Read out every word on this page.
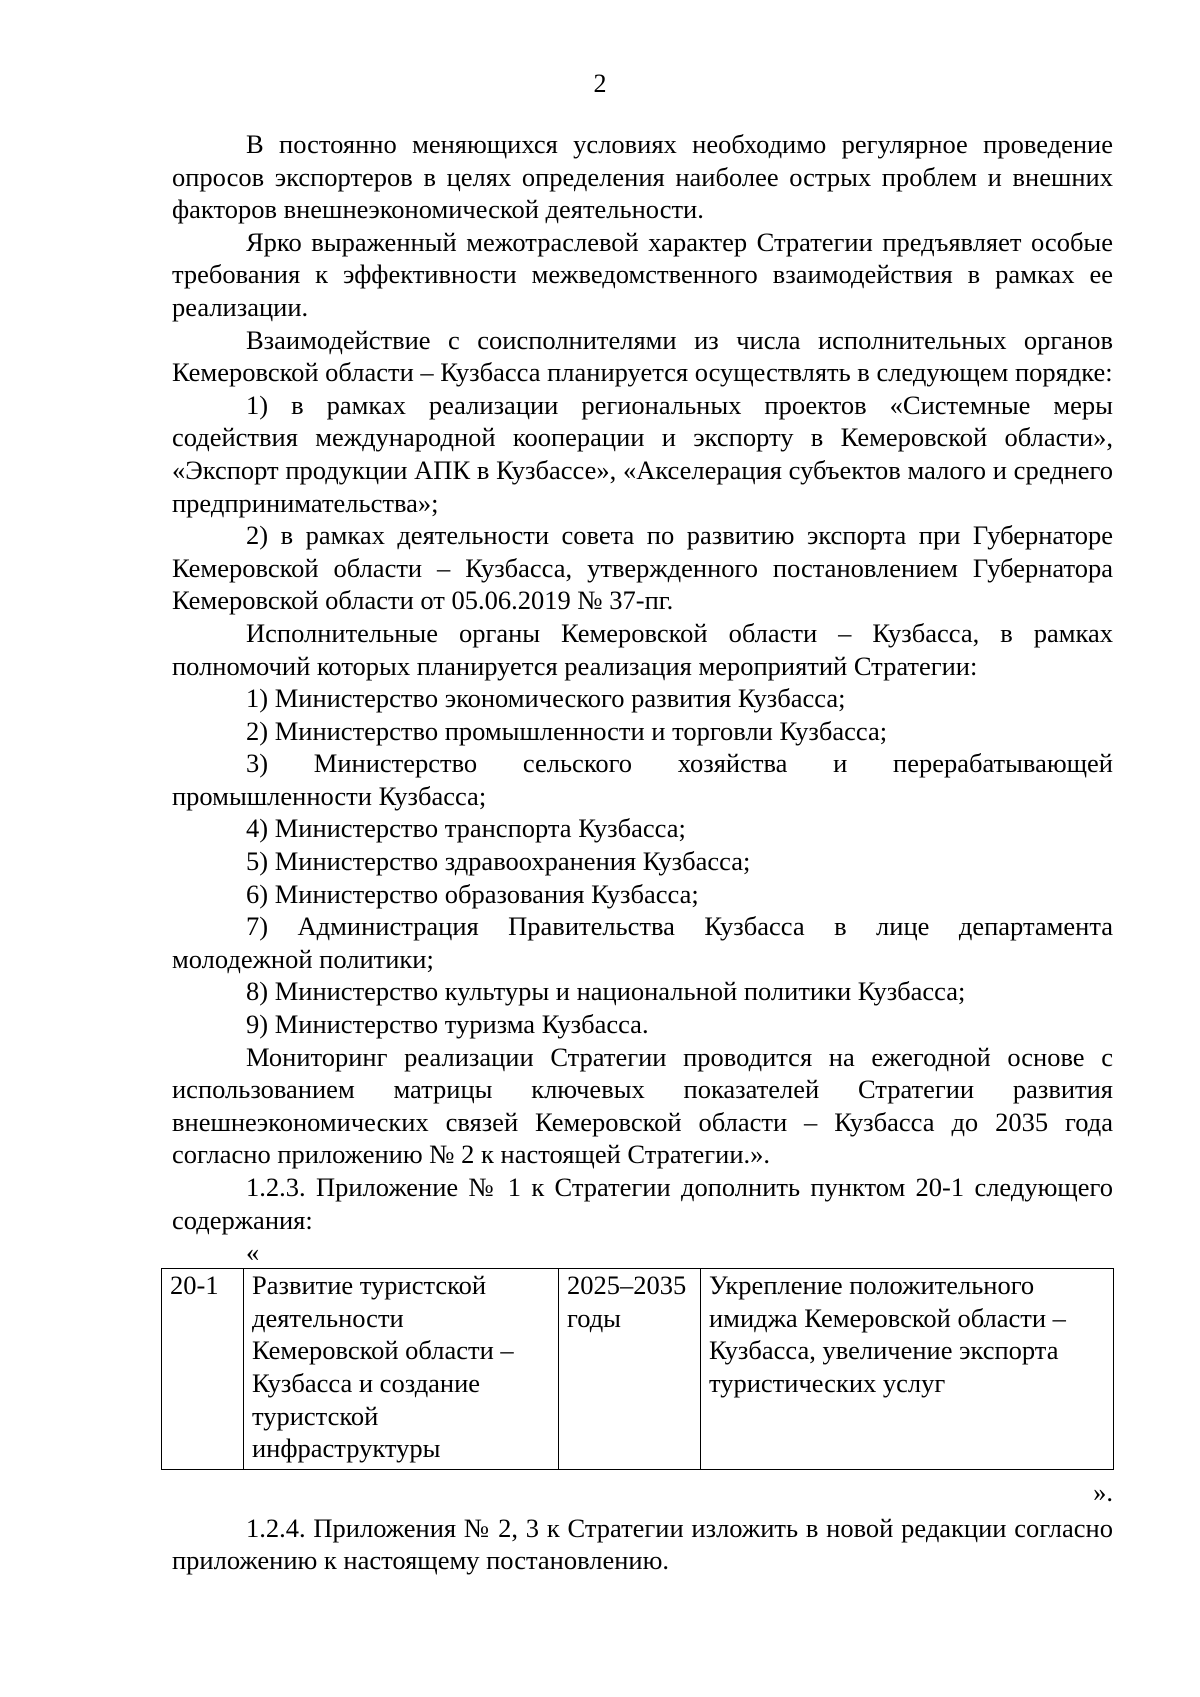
2

В постоянно меняющихся условиях необходимо регулярное проведение опросов экспортеров в целях определения наиболее острых проблем и внешних факторов внешнеэкономической деятельности.

Ярко выраженный межотраслевой характер Стратегии предъявляет особые требования к эффективности межведомственного взаимодействия в рамках ее реализации.

Взаимодействие с соисполнителями из числа исполнительных органов Кемеровской области – Кузбасса планируется осуществлять в следующем порядке:

1) в рамках реализации региональных проектов «Системные меры содействия международной кооперации и экспорту в Кемеровской области», «Экспорт продукции АПК в Кузбассе», «Акселерация субъектов малого и среднего предпринимательства»;

2) в рамках деятельности совета по развитию экспорта при Губернаторе Кемеровской области – Кузбасса, утвержденного постановлением Губернатора Кемеровской области от 05.06.2019 № 37-пг.

Исполнительные органы Кемеровской области – Кузбасса, в рамках полномочий которых планируется реализация мероприятий Стратегии:

1) Министерство экономического развития Кузбасса;

2) Министерство промышленности и торговли Кузбасса;

3) Министерство сельского хозяйства и перерабатывающей промышленности Кузбасса;

4) Министерство транспорта Кузбасса;

5) Министерство здравоохранения Кузбасса;

6) Министерство образования Кузбасса;

7) Администрация Правительства Кузбасса в лице департамента молодежной политики;

8) Министерство культуры и национальной политики Кузбасса;

9) Министерство туризма Кузбасса.

Мониторинг реализации Стратегии проводится на ежегодной основе с использованием матрицы ключевых показателей Стратегии развития внешнеэкономических связей Кемеровской области – Кузбасса до 2035 года согласно приложению № 2 к настоящей Стратегии.».

1.2.3. Приложение № 1 к Стратегии дополнить пунктом 20-1 следующего содержания:

«

20-1	Развитие туристской деятельности Кемеровской области – Кузбасса и создание туристской инфраструктуры	2025–2035 годы	Укрепление положительного имиджа Кемеровской области – Кузбасса, увеличение экспорта туристических услуг

».

1.2.4. Приложения № 2, 3 к Стратегии изложить в новой редакции согласно приложению к настоящему постановлению.
